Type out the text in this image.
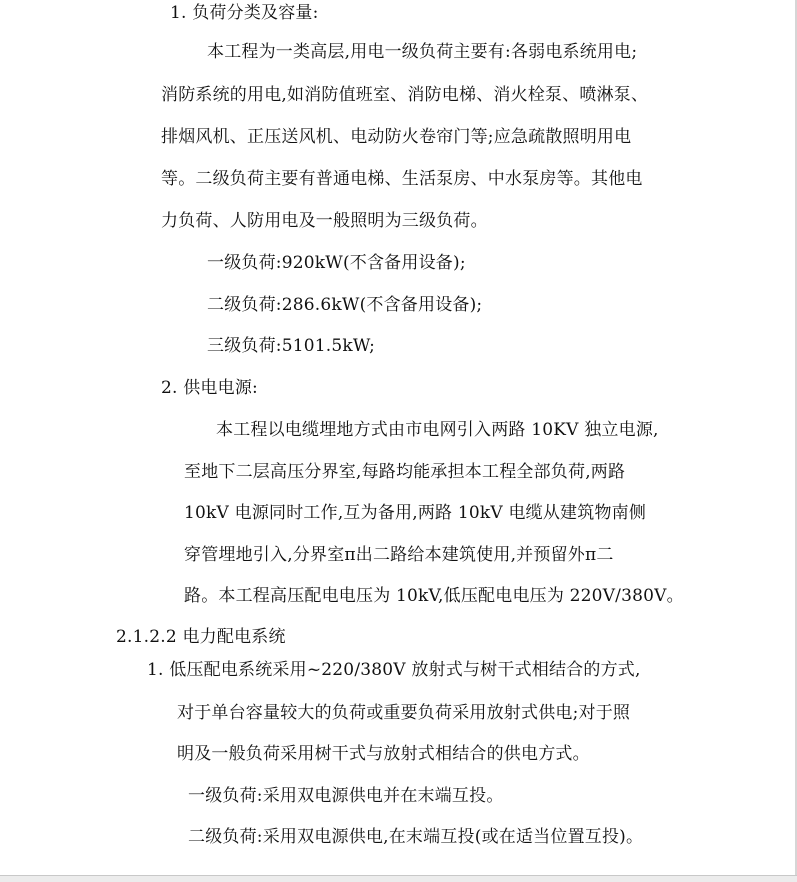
1. 负荷分类及容量:
本工程为一类高层,用电一级负荷主要有:各弱电系统用电;
消防系统的用电,如消防值班室、消防电梯、消火栓泵、喷淋泵、
排烟风机、正压送风机、电动防火卷帘门等;应急疏散照明用电
等。二级负荷主要有普通电梯、生活泵房、中水泵房等。其他电
力负荷、人防用电及一般照明为三级负荷。
一级负荷:920kW(不含备用设备);
二级负荷:286.6kW(不含备用设备);
三级负荷:5101.5kW;
2. 供电电源:
本工程以电缆埋地方式由市电网引入两路 10KV 独立电源,
至地下二层高压分界室,每路均能承担本工程全部负荷,两路
10kV 电源同时工作,互为备用,两路 10kV 电缆从建筑物南侧
穿管埋地引入,分界室π出二路给本建筑使用,并预留外π二
路。本工程高压配电电压为 10kV,低压配电电压为 220V/380V。
2.1.2.2 电力配电系统
1. 低压配电系统采用~220/380V 放射式与树干式相结合的方式,
对于单台容量较大的负荷或重要负荷采用放射式供电;对于照
明及一般负荷采用树干式与放射式相结合的供电方式。
一级负荷:采用双电源供电并在末端互投。
二级负荷:采用双电源供电,在末端互投(或在适当位置互投)。
